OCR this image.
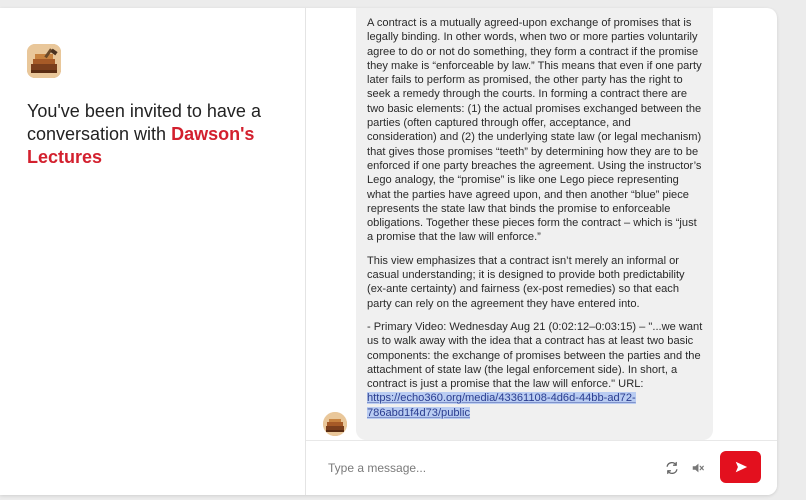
You've been invited to have a conversation with Dawson's Lectures

A contract is a mutually agreed-upon exchange of promises that is legally binding. In other words, when two or more parties voluntarily agree to do or not do something, they form a contract if the promise they make is “enforceable by law.” This means that even if one party later fails to perform as promised, the other party has the right to seek a remedy through the courts. In forming a contract there are two basic elements: (1) the actual promises exchanged between the parties (often captured through offer, acceptance, and consideration) and (2) the underlying state law (or legal mechanism) that gives those promises “teeth” by determining how they are to be enforced if one party breaches the agreement. Using the instructor’s Lego analogy, the “promise” is like one Lego piece representing what the parties have agreed upon, and then another “blue” piece represents the state law that binds the promise to enforceable obligations. Together these pieces form the contract – which is “just a promise that the law will enforce.”

This view emphasizes that a contract isn’t merely an informal or casual understanding; it is designed to provide both predictability (ex-ante certainty) and fairness (ex-post remedies) so that each party can rely on the agreement they have entered into.

- Primary Video: Wednesday Aug 21 (0:02:12–0:03:15) – "...we want us to walk away with the idea that a contract has at least two basic components: the exchange of promises between the parties and the attachment of state law (the legal enforcement side). In short, a contract is just a promise that the law will enforce." URL: https://echo360.org/media/43361108-4d6d-44bb-ad72-786abd1f4d73/public

Type a message...
